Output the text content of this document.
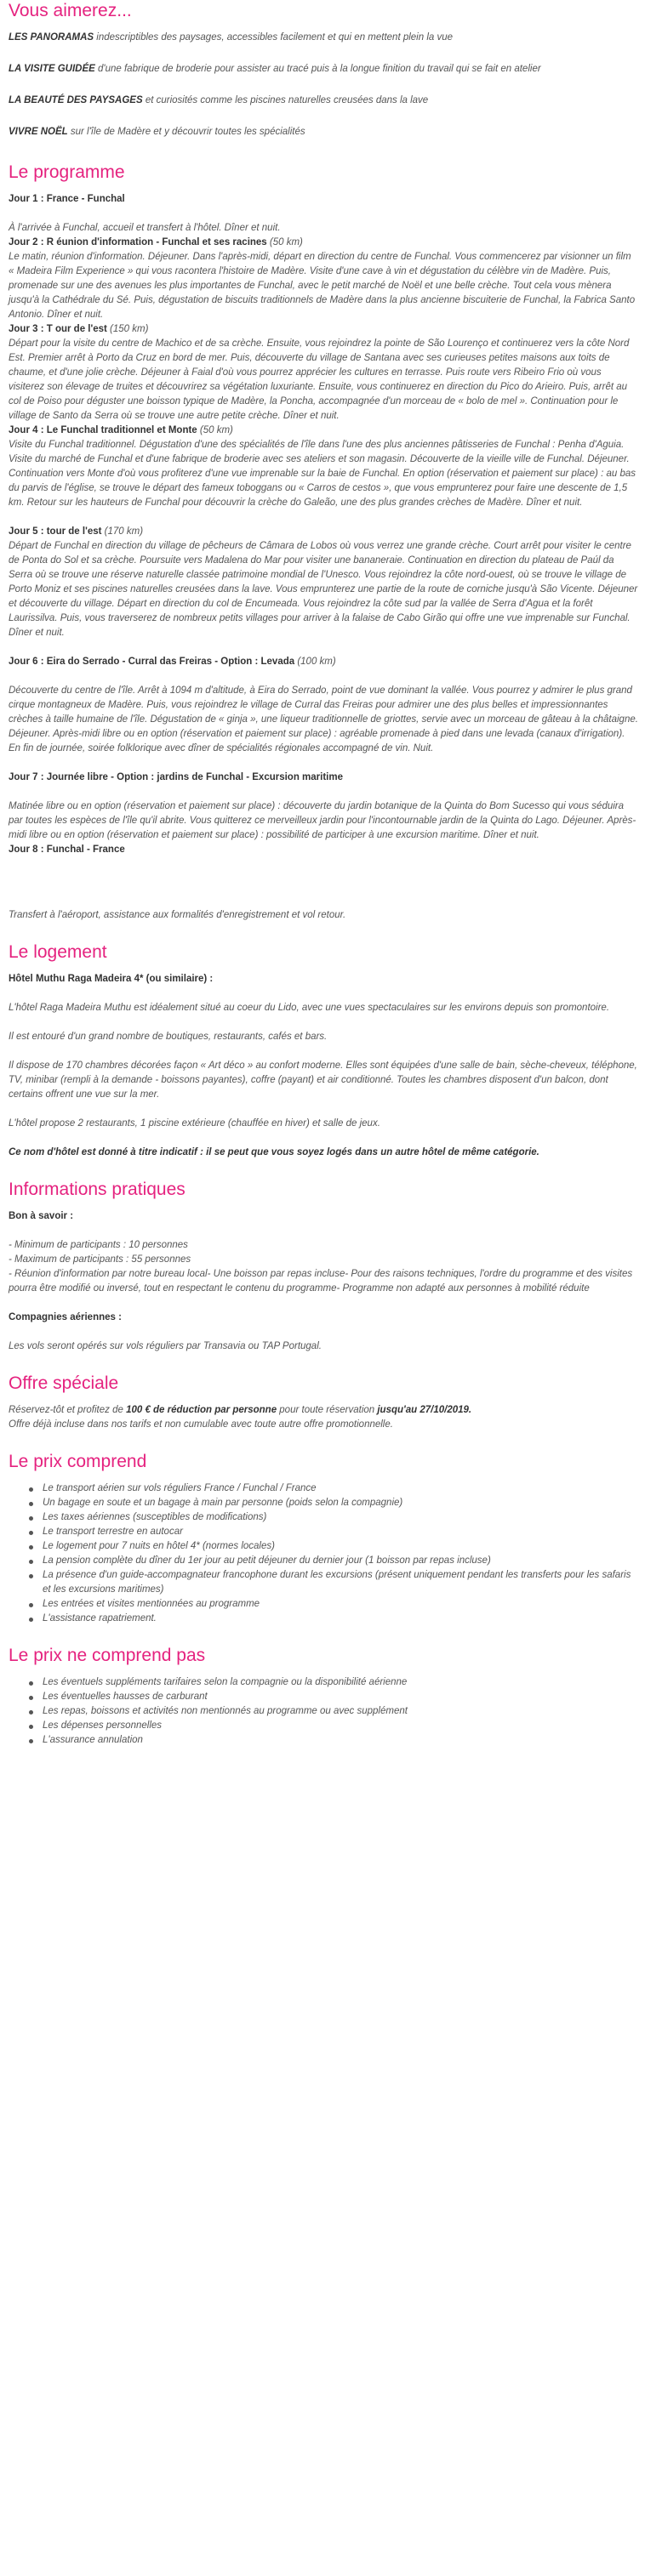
Vous aimerez...

LES PANORAMAS indescriptibles des paysages, accessibles facilement et qui en mettent plein la vue

LA VISITE GUIDÉE d'une fabrique de broderie pour assister au tracé puis à la longue finition du travail qui se fait en atelier

LA BEAUTÉ DES PAYSAGES et curiosités comme les piscines naturelles creusées dans la lave

VIVRE NOËL sur l'île de Madère et y découvrir toutes les spécialités

Le programme

Jour 1 : France - Funchal

À l'arrivée à Funchal, accueil et transfert à l'hôtel. Dîner et nuit.

Jour 2 : R éunion d'information - Funchal et ses racines (50 km)

Le matin, réunion d'information. Déjeuner. Dans l'après-midi, départ en direction du centre de Funchal. Vous commencerez par visionner un film « Madeira Film Experience » qui vous racontera l'histoire de Madère. Visite d'une cave à vin et dégustation du célèbre vin de Madère. Puis, promenade sur une des avenues les plus importantes de Funchal, avec le petit marché de Noël et une belle crèche. Tout cela vous mènera jusqu'à la Cathédrale du Sé. Puis, dégustation de biscuits traditionnels de Madère dans la plus ancienne biscuiterie de Funchal, la Fabrica Santo Antonio. Dîner et nuit.

Jour 3 : T our de l'est (150 km)

Départ pour la visite du centre de Machico et de sa crèche. Ensuite, vous rejoindrez la pointe de São Lourenço et continuerez vers la côte Nord Est. Premier arrêt à Porto da Cruz en bord de mer. Puis, découverte du village de Santana avec ses curieuses petites maisons aux toits de chaume, et d'une jolie crèche. Déjeuner à Faial d'où vous pourrez apprécier les cultures en terrasse. Puis route vers Ribeiro Frio où vous visiterez son élevage de truites et découvrirez sa végétation luxuriante. Ensuite, vous continuerez en direction du Pico do Arieiro. Puis, arrêt au col de Poiso pour déguster une boisson typique de Madère, la Poncha, accompagnée d'un morceau de « bolo de mel ». Continuation pour le village de Santo da Serra où se trouve une autre petite crèche. Dîner et nuit.

Jour 4 : Le Funchal traditionnel et Monte (50 km)

Visite du Funchal traditionnel. Dégustation d'une des spécialités de l'île dans l'une des plus anciennes pâtisseries de Funchal : Penha d'Aguia. Visite du marché de Funchal et d'une fabrique de broderie avec ses ateliers et son magasin. Découverte de la vieille ville de Funchal. Déjeuner. Continuation vers Monte d'où vous profiterez d'une vue imprenable sur la baie de Funchal. En option (réservation et paiement sur place) : au bas du parvis de l'église, se trouve le départ des fameux toboggans ou « Carros de cestos », que vous emprunterez pour faire une descente de 1,5 km. Retour sur les hauteurs de Funchal pour découvrir la crèche do Galeão, une des plus grandes crèches de Madère. Dîner et nuit.

Jour 5 : tour de l'est (170 km)

Départ de Funchal en direction du village de pêcheurs de Câmara de Lobos où vous verrez une grande crèche. Court arrêt pour visiter le centre de Ponta do Sol et sa crèche. Poursuite vers Madalena do Mar pour visiter une bananeraie. Continuation en direction du plateau de Paúl da Serra où se trouve une réserve naturelle classée patrimoine mondial de l'Unesco. Vous rejoindrez la côte nord-ouest, où se trouve le village de Porto Moniz et ses piscines naturelles creusées dans la lave. Vous emprunterez une partie de la route de corniche jusqu'à São Vicente. Déjeuner et découverte du village. Départ en direction du col de Encumeada. Vous rejoindrez la côte sud par la vallée de Serra d'Agua et la forêt Laurissilva. Puis, vous traverserez de nombreux petits villages pour arriver à la falaise de Cabo Girão qui offre une vue imprenable sur Funchal. Dîner et nuit.

Jour 6 : Eira do Serrado - Curral das Freiras - Option : Levada (100 km)

Découverte du centre de l'île. Arrêt à 1094 m d'altitude, à Eira do Serrado, point de vue dominant la vallée. Vous pourrez y admirer le plus grand cirque montagneux de Madère. Puis, vous rejoindrez le village de Curral das Freiras pour admirer une des plus belles et impressionnantes crèches à taille humaine de l'île. Dégustation de « ginja », une liqueur traditionnelle de griottes, servie avec un morceau de gâteau à la châtaigne. Déjeuner. Après-midi libre ou en option (réservation et paiement sur place) : agréable promenade à pied dans une levada (canaux d'irrigation). En fin de journée, soirée folklorique avec dîner de spécialités régionales accompagné de vin. Nuit.

Jour 7 : Journée libre - Option : jardins de Funchal - Excursion maritime

Matinée libre ou en option (réservation et paiement sur place) : découverte du jardin botanique de la Quinta do Bom Sucesso qui vous séduira par toutes les espèces de l'île qu'il abrite. Vous quitterez ce merveilleux jardin pour l'incontournable jardin de la Quinta do Lago. Déjeuner. Après-midi libre ou en option (réservation et paiement sur place) : possibilité de participer à une excursion maritime. Dîner et nuit.

Jour 8 : Funchal - France

Transfert à l'aéroport, assistance aux formalités d'enregistrement et vol retour.

Le logement

Hôtel Muthu Raga Madeira 4* (ou similaire) :

L'hôtel Raga Madeira Muthu est idéalement situé au coeur du Lido, avec une vues spectaculaires sur les environs depuis son promontoire.

Il est entouré d'un grand nombre de boutiques, restaurants, cafés et bars.

Il dispose de 170 chambres décorées façon « Art déco » au confort moderne. Elles sont équipées d'une salle de bain, sèche-cheveux, téléphone, TV, minibar (rempli à la demande - boissons payantes), coffre (payant) et air conditionné. Toutes les chambres disposent d'un balcon, dont certains offrent une vue sur la mer.

L'hôtel propose 2 restaurants, 1 piscine extérieure (chauffée en hiver) et salle de jeux.

Ce nom d'hôtel est donné à titre indicatif : il se peut que vous soyez logés dans un autre hôtel de même catégorie.

Informations pratiques

Bon à savoir :

- Minimum de participants : 10 personnes

- Maximum de participants : 55 personnes

- Réunion d'information par notre bureau local- Une boisson par repas incluse- Pour des raisons techniques, l'ordre du programme et des visites pourra être modifié ou inversé, tout en respectant le contenu du programme- Programme non adapté aux personnes à mobilité réduite

Compagnies aériennes :

Les vols seront opérés sur vols réguliers par Transavia ou TAP Portugal.

Offre spéciale

Réservez-tôt et profitez de 100 € de réduction par personne pour toute réservation jusqu'au 27/10/2019.

Offre déjà incluse dans nos tarifs et non cumulable avec toute autre offre promotionnelle.

Le prix comprend
Le transport aérien sur vols réguliers France / Funchal / France
Un bagage en soute et un bagage à main par personne (poids selon la compagnie)
Les taxes aériennes (susceptibles de modifications)
Le transport terrestre en autocar
Le logement pour 7 nuits en hôtel 4* (normes locales)
La pension complète du dîner du 1er jour au petit déjeuner du dernier jour (1 boisson par repas incluse)
La présence d'un guide-accompagnateur francophone durant les excursions (présent uniquement pendant les transferts pour les safaris et les excursions maritimes)
Les entrées et visites mentionnées au programme
L'assistance rapatriement.
Le prix ne comprend pas
Les éventuels suppléments tarifaires selon la compagnie ou la disponibilité aérienne
Les éventuelles hausses de carburant
Les repas, boissons et activités non mentionnés au programme ou avec supplément
Les dépenses personnelles
L'assurance annulation
